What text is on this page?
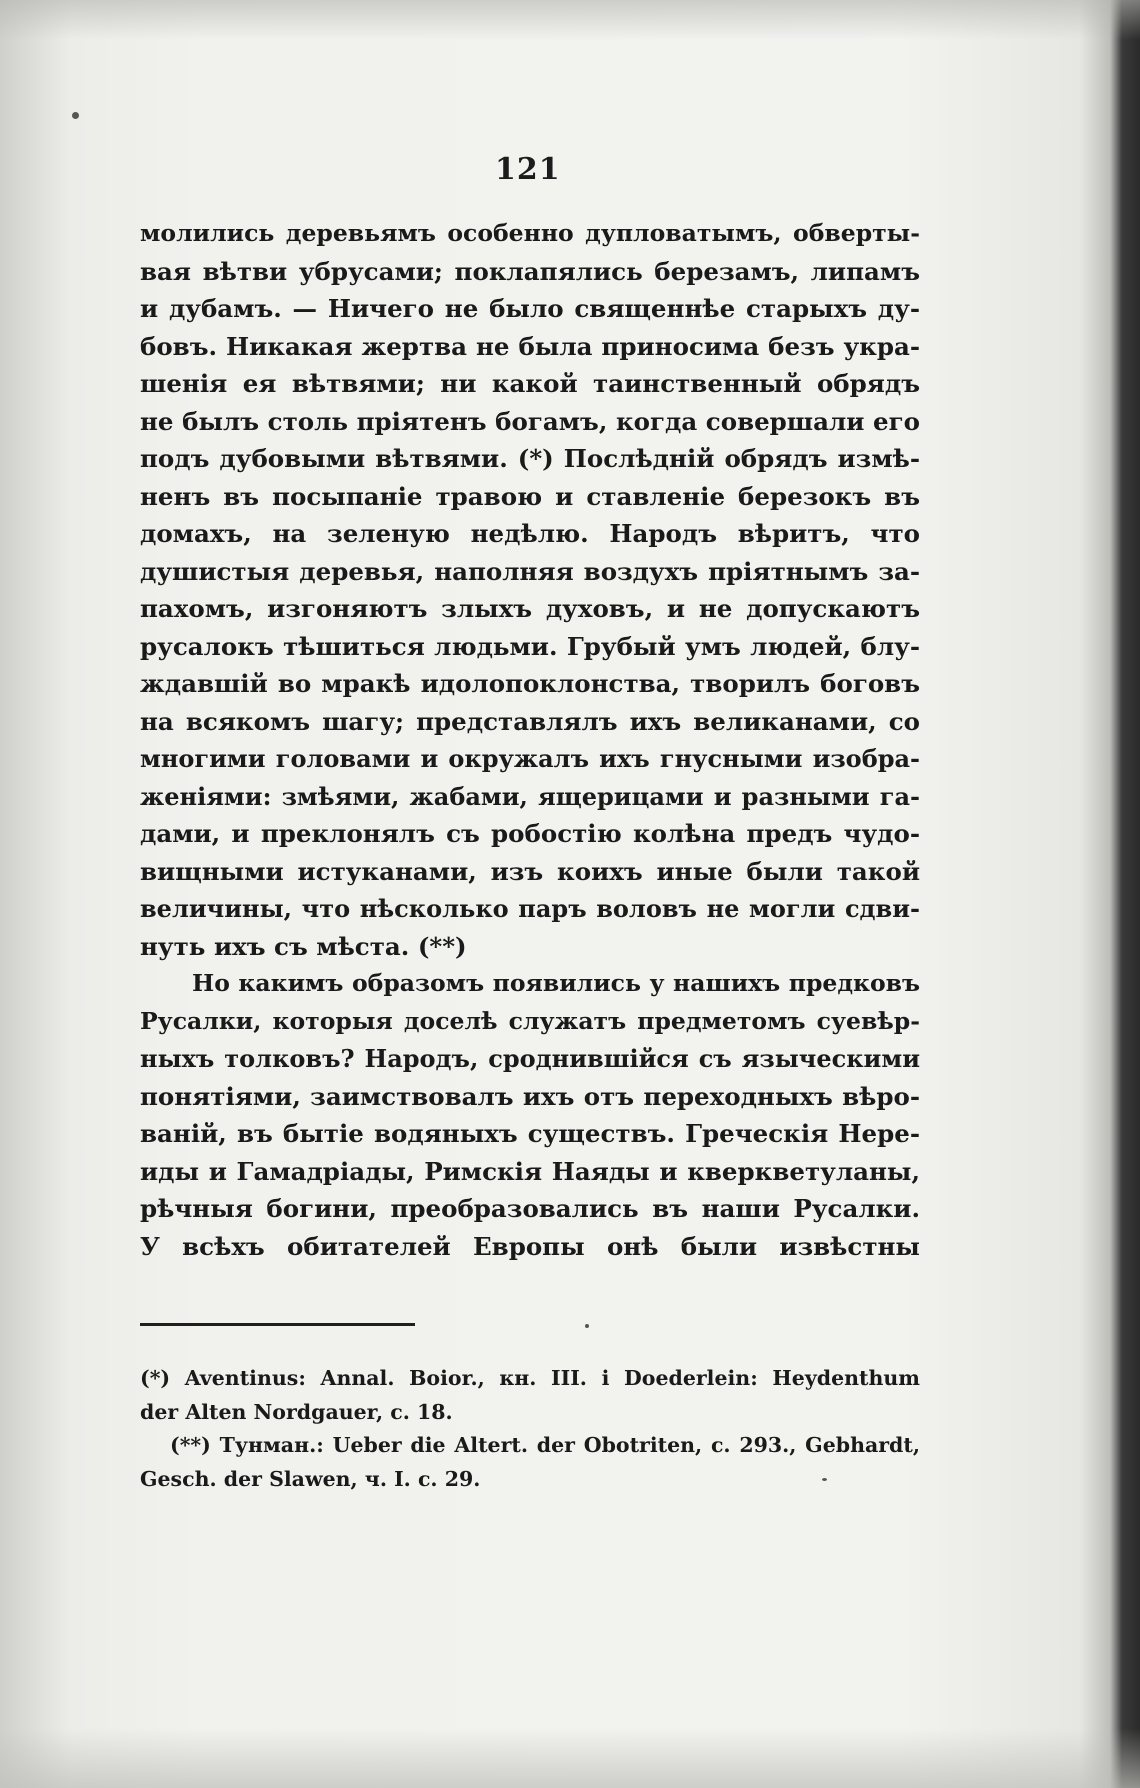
121
молились деревьямъ особенно дупловатымъ, обверты-
вая вѣтви убрусами; поклапялись березамъ, липамъ
и дубамъ. — Ничего не было священнѣе старыхъ ду-
бовъ. Никакая жертва не была приносима безъ укра-
шенія ея вѣтвями; ни какой таинственный обрядъ
не былъ столь пріятенъ богамъ, когда совершали его
подъ дубовыми вѣтвями. (*) Послѣдній обрядъ измѣ-
ненъ въ посыпаніе травою и ставленіе березокъ въ
домахъ, на зеленую недѣлю. Народъ вѣритъ, что
душистыя деревья, наполняя воздухъ пріятнымъ за-
пахомъ, изгоняютъ злыхъ духовъ, и не допускаютъ
русалокъ тѣшиться людьми. Грубый умъ людей, блу-
ждавшій во мракѣ идолопоклонства, творилъ боговъ
на всякомъ шагу; представлялъ ихъ великанами, со
многими головами и окружалъ ихъ гнусными изобра-
женіями: змѣями, жабами, ящерицами и разными га-
дами, и преклонялъ съ робостію колѣна предъ чудо-
вищными истуканами, изъ коихъ иные были такой
величины, что нѣсколько паръ воловъ не могли сдви-
нуть ихъ съ мѣста. (**)
Но какимъ образомъ появились у нашихъ предковъ
Русалки, которыя доселѣ служатъ предметомъ суевѣр-
ныхъ толковъ? Народъ, сроднившійся съ языческими
понятіями, заимствовалъ ихъ отъ переходныхъ вѣро-
ваній, въ бытіе водяныхъ существъ. Греческія Нере-
иды и Гамадріады, Римскія Наяды и кверкветуланы,
рѣчныя богини, преобразовались въ наши Русалки.
У всѣхъ обитателей Европы онѣ были извѣстны
(*) Aventinus: Annal. Boior., кн. III. i Doederlein: Heydenthum
der Alten Nordgauer, c. 18.
(**) Тунман.: Ueber die Altert. der Obotriten, c. 293., Gebhardt,
Gesch. der Slawen, ч. I. c. 29.
